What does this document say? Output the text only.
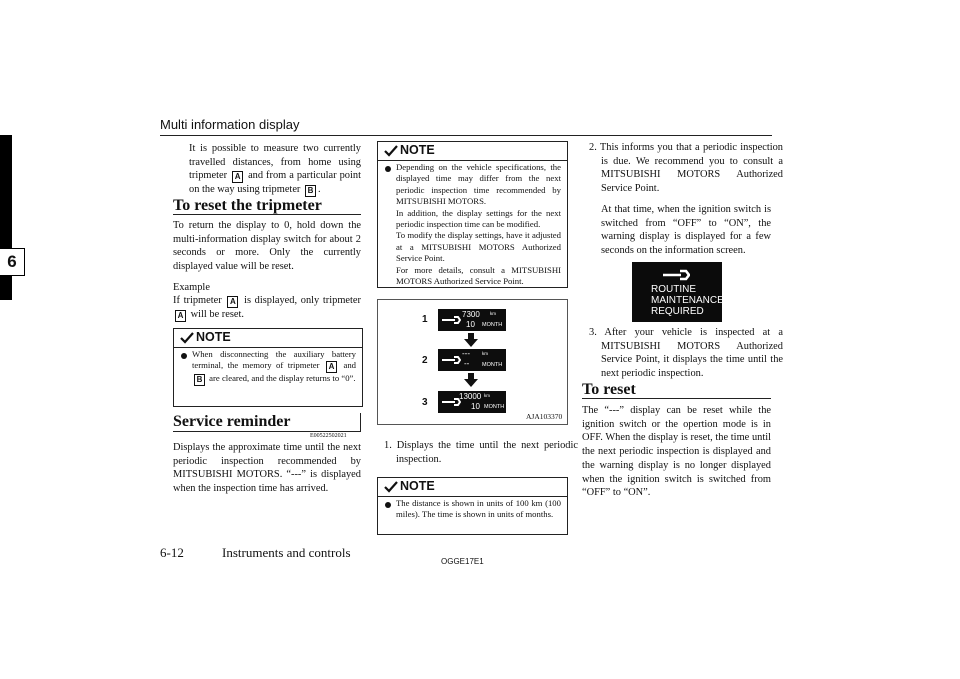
Multi information display
6
It is possible to measure two currently travelled distances, from home using tripmeter A and from a particular point on the way using tripmeter B .
To reset the tripmeter
To return the display to 0, hold down the multi-information display switch for about 2 seconds or more. Only the currently displayed value will be reset.
Example
If tripmeter A is displayed, only tripmeter A will be reset.
NOTE
When disconnecting the auxiliary battery terminal, the memory of tripmeter A and B are cleared, and the display returns to “0”.
Service reminder
E00522502021
Displays the approximate time until the next periodic inspection recommended by MITSUBISHI MOTORS. “---” is displayed when the inspection time has arrived.
NOTE
Depending on the vehicle specifications, the displayed time may differ from the next periodic inspection time recommended by MITSUBISHI MOTORS.
In addition, the display settings for the next periodic inspection time can be modified.
To modify the display settings, have it adjusted at a MITSUBISHI MOTORS Authorized Service Point.
For more details, consult a MITSUBISHI MOTORS Authorized Service Point.
1	7300 km
10 MONTH
2
---	km
-- MONTH
3
13000 km
10 MONTH
AJA103370
1. Displays the time until the next periodic inspection.
NOTE
The distance is shown in units of 100 km (100 miles). The time is shown in units of months.
2. This informs you that a periodic inspection is due. We recommend you to consult a MITSUBISHI MOTORS Authorized Service Point.
At that time, when the ignition switch is switched from “OFF” to “ON”, the warning display is displayed for a few seconds on the information screen.
ROUTINE
MAINTENANCE
REQUIRED
3. After your vehicle is inspected at a MITSUBISHI MOTORS Authorized Service Point, it displays the time until the next periodic inspection.
To reset
The “---” display can be reset while the ignition switch or the opertion mode is in OFF. When the display is reset, the time until the next periodic inspection is displayed and the warning display is no longer displayed when the ignition switch is switched from “OFF” to “ON”.
6-12	Instruments and controls
OGGE17E1
